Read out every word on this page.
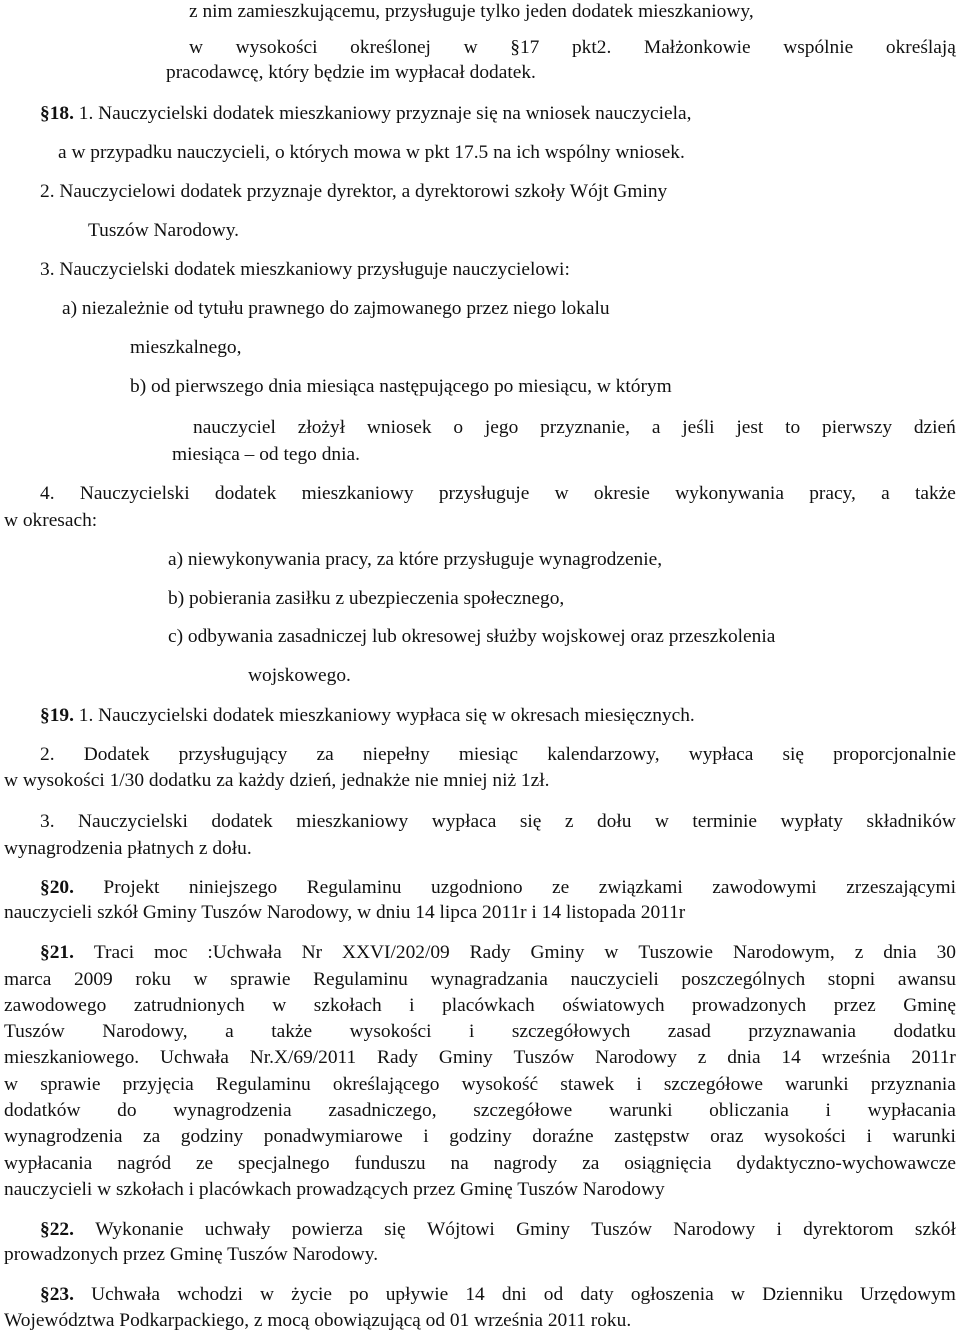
z nim zamieszkującemu, przysługuje tylko jeden dodatek mieszkaniowy,
w wysokości określonej w §17 pkt2. Małżonkowie wspólnie określają
pracodawcę, który będzie im wypłacał dodatek.
§18. 1. Nauczycielski dodatek mieszkaniowy przyznaje się na wniosek nauczyciela,
a w przypadku nauczycieli, o których mowa w pkt 17.5 na ich wspólny wniosek.
2. Nauczycielowi dodatek przyznaje dyrektor, a dyrektorowi szkoły Wójt Gminy
Tuszów Narodowy.
3. Nauczycielski dodatek mieszkaniowy przysługuje nauczycielowi:
a) niezależnie od tytułu prawnego do zajmowanego przez niego lokalu
mieszkalnego,
b) od pierwszego dnia miesiąca następującego po miesiącu, w którym
nauczyciel złożył wniosek o jego przyznanie, a jeśli jest to pierwszy dzień
miesiąca – od tego dnia.
4. Nauczycielski dodatek mieszkaniowy przysługuje w okresie wykonywania pracy, a także
w okresach:
a) niewykonywania pracy, za które przysługuje wynagrodzenie,
b) pobierania zasiłku z ubezpieczenia społecznego,
c) odbywania zasadniczej lub okresowej służby wojskowej oraz przeszkolenia
wojskowego.
§19. 1. Nauczycielski dodatek mieszkaniowy wypłaca się w okresach miesięcznych.
2. Dodatek przysługujący za niepełny miesiąc kalendarzowy, wypłaca się proporcjonalnie
w wysokości 1/30 dodatku za każdy dzień, jednakże nie mniej niż 1zł.
3. Nauczycielski dodatek mieszkaniowy wypłaca się z dołu w terminie wypłaty składników
wynagrodzenia płatnych z dołu.
§20. Projekt niniejszego Regulaminu uzgodniono ze związkami zawodowymi zrzeszającymi
nauczycieli szkół Gminy Tuszów Narodowy, w dniu 14 lipca 2011r i 14 listopada 2011r
§21. Traci moc :Uchwała Nr XXVI/202/09 Rady Gminy w Tuszowie Narodowym, z dnia 30
marca 2009 roku w sprawie Regulaminu wynagradzania nauczycieli poszczególnych stopni awansu
zawodowego zatrudnionych w szkołach i placówkach oświatowych prowadzonych przez Gminę
Tuszów Narodowy, a także wysokości i szczegółowych zasad przyznawania dodatku
mieszkaniowego. Uchwała Nr.X/69/2011 Rady Gminy Tuszów Narodowy z dnia 14 września 2011r
w sprawie przyjęcia Regulaminu określającego wysokość stawek i szczegółowe warunki przyznania
dodatków do wynagrodzenia zasadniczego, szczegółowe warunki obliczania i wypłacania
wynagrodzenia za godziny ponadwymiarowe i godziny doraźne zastępstw oraz wysokości i warunki
wypłacania nagród ze specjalnego funduszu na nagrody za osiągnięcia dydaktyczno-wychowawcze
nauczycieli w szkołach i placówkach prowadzących przez Gminę Tuszów Narodowy
§22. Wykonanie uchwały powierza się Wójtowi Gminy Tuszów Narodowy i dyrektorom szkół
prowadzonych przez Gminę Tuszów Narodowy.
§23. Uchwała wchodzi w życie po upływie 14 dni od daty ogłoszenia w Dzienniku Urzędowym
Województwa Podkarpackiego, z mocą obowiązującą od 01 września 2011 roku.
